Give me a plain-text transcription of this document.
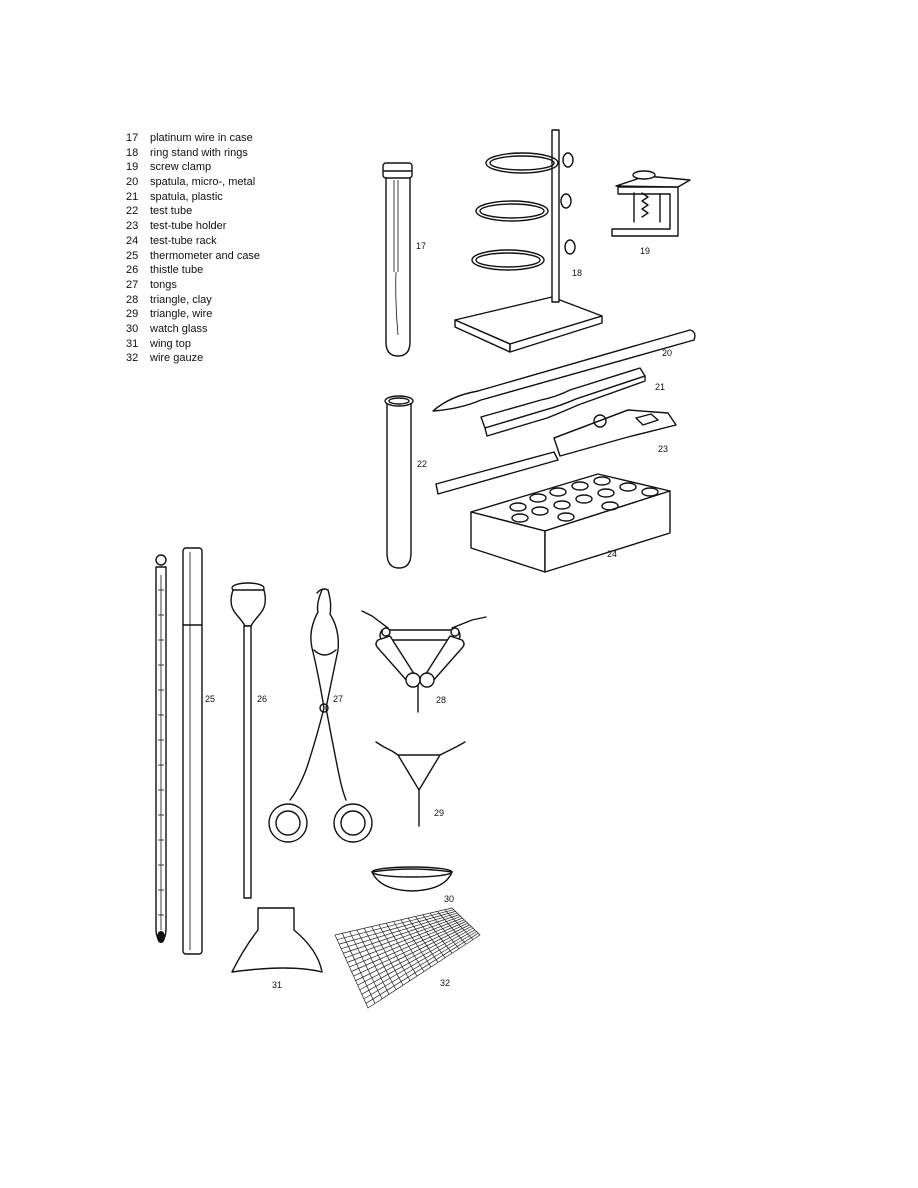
17 platinum wire in case
18 ring stand with rings
19 screw clamp
20 spatula, micro-, metal
21 spatula, plastic
22 test tube
23 test-tube holder
24 test-tube rack
25 thermometer and case
26 thistle tube
27 tongs
28 triangle, clay
29 triangle, wire
30 watch glass
31 wing top
32 wire gauze
17
18
19
20
21
23
22
24
25	26	27	28
29
30
31	32
